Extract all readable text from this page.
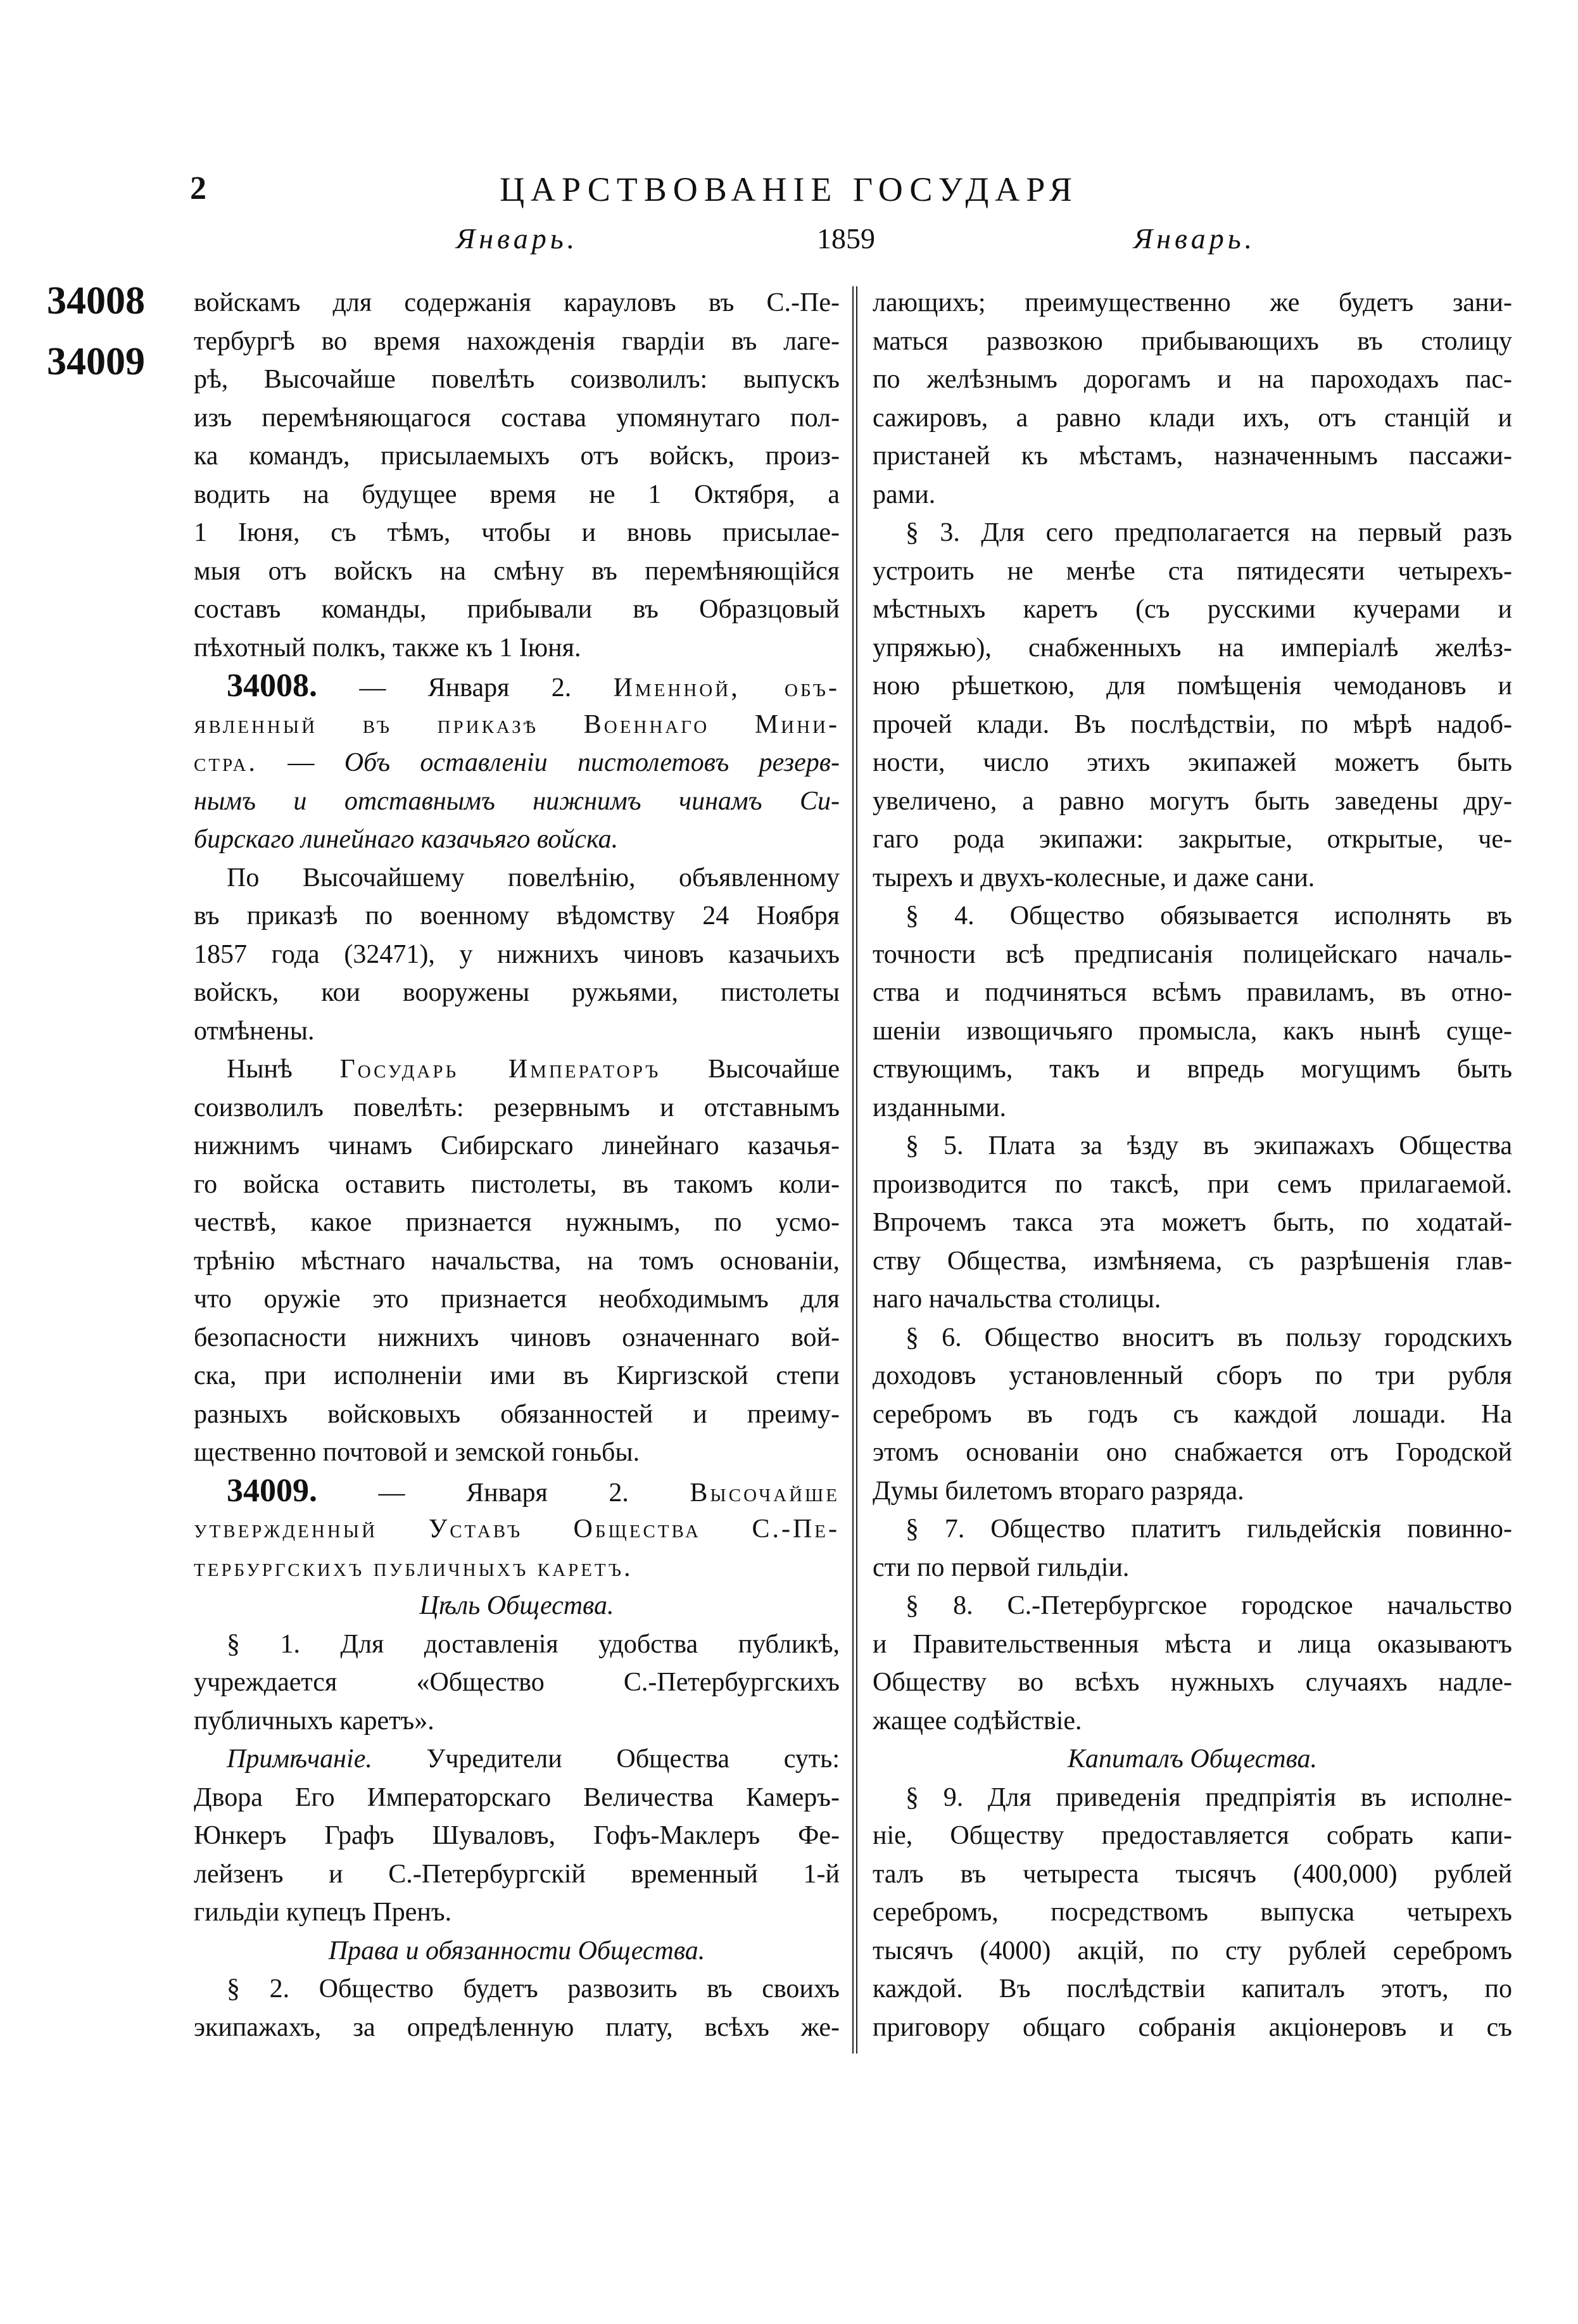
2	ЦАРСТВОВАНІЕ ГОСУДАРЯ
Январь.	1859	Январь.
34008
34009
войскамъ для содержанія карауловъ въ С.-Пе-
тербургѣ во время нахожденія гвардіи въ лаге-
рѣ, Высочайше повелѣть соизволилъ: выпускъ
изъ перемѣняющагося состава упомянутаго пол-
ка командъ, присылаемыхъ отъ войскъ, произ-
водить на будущее время не 1 Октября, а
1 Іюня, съ тѣмъ, чтобы и вновь присылае-
мыя отъ войскъ на смѣну въ перемѣняющійся
составъ команды, прибывали въ Образцовый
пѣхотный полкъ, также къ 1 Іюня.
34008. — Января 2. Именной, объ-
явленный въ приказѣ Военнаго Мини-
стра. — Объ оставленіи пистолетовъ резерв-
нымъ и отставнымъ нижнимъ чинамъ Си-
бирскаго линейнаго казачьяго войска.
По Высочайшему повелѣнію, объявленному
въ приказѣ по военному вѣдомству 24 Ноября
1857 года (32471), у нижнихъ чиновъ казачьихъ
войскъ, кои вооружены ружьями, пистолеты
отмѣнены.
Нынѣ Государь Императоръ Высочайше
соизволилъ повелѣть: резервнымъ и отставнымъ
нижнимъ чинамъ Сибирскаго линейнаго казачья-
го войска оставить пистолеты, въ такомъ коли-
чествѣ, какое признается нужнымъ, по усмо-
трѣнію мѣстнаго начальства, на томъ основаніи,
что оружіе это признается необходимымъ для
безопасности нижнихъ чиновъ означеннаго вой-
ска, при исполненіи ими въ Киргизской степи
разныхъ войсковыхъ обязанностей и преиму-
щественно почтовой и земской гоньбы.
34009. — Января 2. Высочайше
утвержденный Уставъ Общества С.-Пе-
тербургскихъ публичныхъ каретъ.
Цѣль Общества.
§ 1. Для доставленія удобства публикѣ,
учреждается «Общество С.-Петербургскихъ
публичныхъ каретъ».
Примѣчаніе. Учредители Общества суть:
Двора Его Императорскаго Величества Камеръ-
Юнкеръ Графъ Шуваловъ, Гофъ-Маклеръ Фе-
лейзенъ и С.-Петербургскій временный 1-й
гильдіи купецъ Пренъ.
Права и обязанности Общества.
§ 2. Общество будетъ развозить въ своихъ
экипажахъ, за опредѣленную плату, всѣхъ же-
лающихъ; преимущественно же будетъ зани-
маться развозкою прибывающихъ въ столицу
по желѣзнымъ дорогамъ и на пароходахъ пас-
сажировъ, а равно клади ихъ, отъ станцій и
пристаней къ мѣстамъ, назначеннымъ пассажи-
рами.
§ 3. Для сего предполагается на первый разъ
устроить не менѣе ста пятидесяти четырехъ-
мѣстныхъ каретъ (съ русскими кучерами и
упряжью), снабженныхъ на имперіалѣ желѣз-
ною рѣшеткою, для помѣщенія чемодановъ и
прочей клади. Въ послѣдствіи, по мѣрѣ надоб-
ности, число этихъ экипажей можетъ быть
увеличено, а равно могутъ быть заведены дру-
гаго рода экипажи: закрытые, открытые, че-
тырехъ и двухъ-колесные, и даже сани.
§ 4. Общество обязывается исполнять въ
точности всѣ предписанія полицейскаго началь-
ства и подчиняться всѣмъ правиламъ, въ отно-
шеніи извощичьяго промысла, какъ нынѣ суще-
ствующимъ, такъ и впредь могущимъ быть
изданными.
§ 5. Плата за ѣзду въ экипажахъ Общества
производится по таксѣ, при семъ прилагаемой.
Впрочемъ такса эта можетъ быть, по ходатай-
ству Общества, измѣняема, съ разрѣшенія глав-
наго начальства столицы.
§ 6. Общество вноситъ въ пользу городскихъ
доходовъ установленный сборъ по три рубля
серебромъ въ годъ съ каждой лошади. На
этомъ основаніи оно снабжается отъ Городской
Думы билетомъ втораго разряда.
§ 7. Общество платитъ гильдейскія повинно-
сти по первой гильдіи.
§ 8. С.-Петербургское городское начальство
и Правительственныя мѣста и лица оказываютъ
Обществу во всѣхъ нужныхъ случаяхъ надле-
жащее содѣйствіе.
Капиталъ Общества.
§ 9. Для приведенія предпріятія въ исполне-
ніе, Обществу предоставляется собрать капи-
талъ въ четыреста тысячъ (400,000) рублей
серебромъ, посредствомъ выпуска четырехъ
тысячъ (4000) акцій, по сту рублей серебромъ
каждой. Въ послѣдствіи капиталъ этотъ, по
приговору общаго собранія акціонеровъ и съ
